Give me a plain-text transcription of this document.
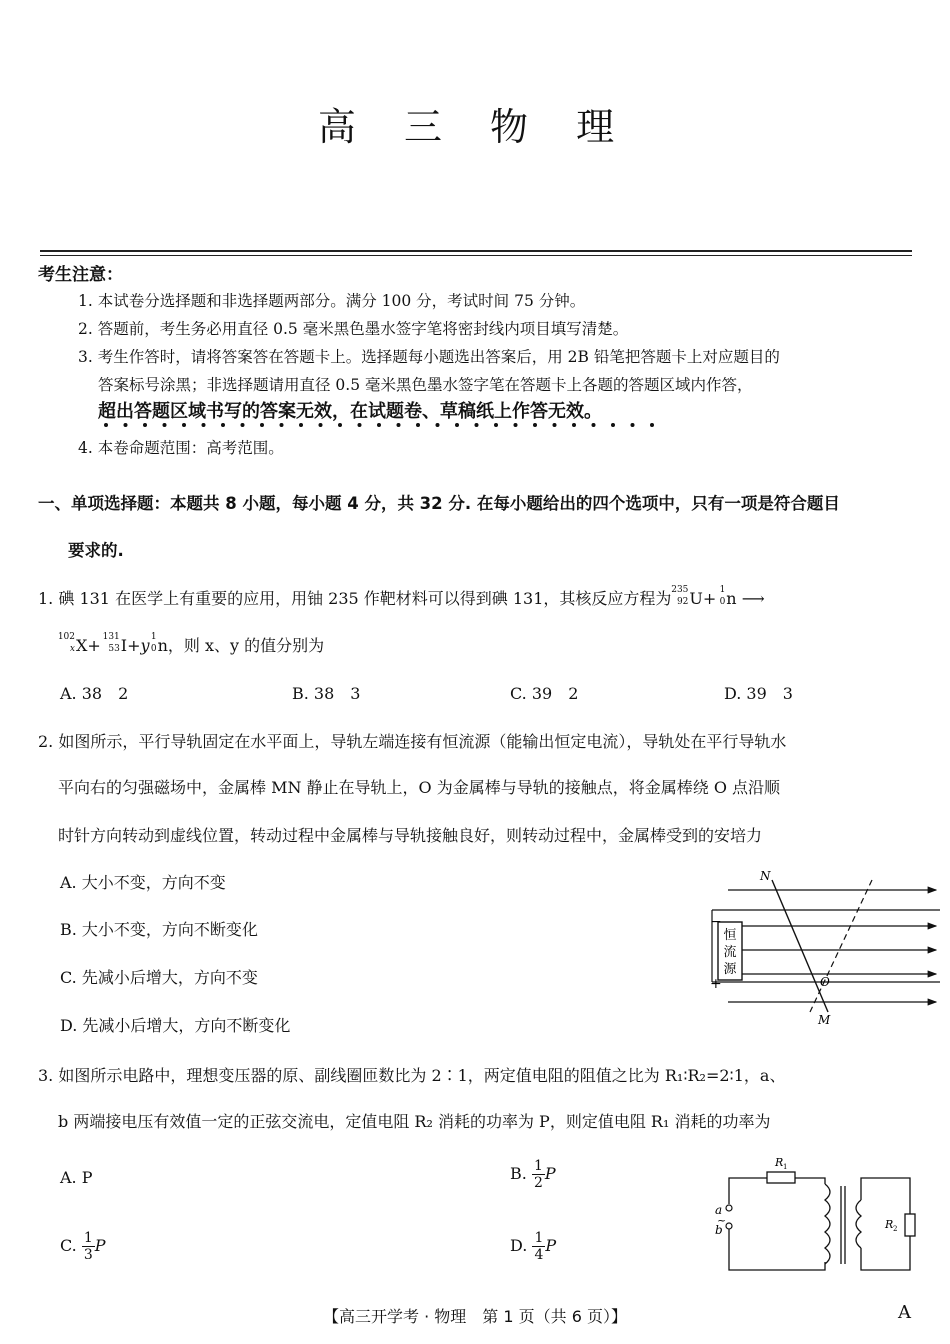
高 三 物 理
考生注意：
1. 本试卷分选择题和非选择题两部分。满分 100 分，考试时间 75 分钟。
2. 答题前，考生务必用直径 0.5 毫米黑色墨水签字笔将密封线内项目填写清楚。
3. 考生作答时，请将答案答在答题卡上。选择题每小题选出答案后，用 2B 铅笔把答题卡上对应题目的
答案标号涂黑；非选择题请用直径 0.5 毫米黑色墨水签字笔在答题卡上各题的答题区域内作答，
超出答题区域书写的答案无效，在试题卷、草稿纸上作答无效。
4. 本卷命题范围：高考范围。
一、单项选择题：本题共 8 小题，每小题 4 分，共 32 分. 在每小题给出的四个选项中，只有一项是符合题目
要求的.
1. 碘 131 在医学上有重要的应用，用铀 235 作靶材料可以得到碘 131，其核反应方程为 235
92 U+ 1
0 n ⟶
102
x X+ 131
53 I+y 1
0 n，则 x、y 的值分别为
A. 38　2	B. 38　3	C. 39　2	D. 39　3
2. 如图所示，平行导轨固定在水平面上，导轨左端连接有恒流源（能输出恒定电流），导轨处在平行导轨水
平向右的匀强磁场中，金属棒 MN 静止在导轨上，O 为金属棒与导轨的接触点，将金属棒绕 O 点沿顺
时针方向转动到虚线位置，转动过程中金属棒与导轨接触良好，则转动过程中，金属棒受到的安培力
A. 大小不变，方向不变
B. 大小不变，方向不断变化
C. 先减小后增大，方向不变
D. 先减小后增大，方向不断变化
恒
流
源
−
+
N
M
O
3. 如图所示电路中，理想变压器的原、副线圈匝数比为 2∶1，两定值电阻的阻值之比为 R₁∶R₂=2∶1，a、
b 两端接电压有效值一定的正弦交流电，定值电阻 R₂ 消耗的功率为 P，则定值电阻 R₁ 消耗的功率为
A. P	B. $\frac{1}{2}$ P
C. $\frac{1}{3}$ P	D. $\frac{1}{4}$ P
a
b
~
R 1
R 2
【高三开学考 · 物理　第 1 页（共 6 页）】	A
